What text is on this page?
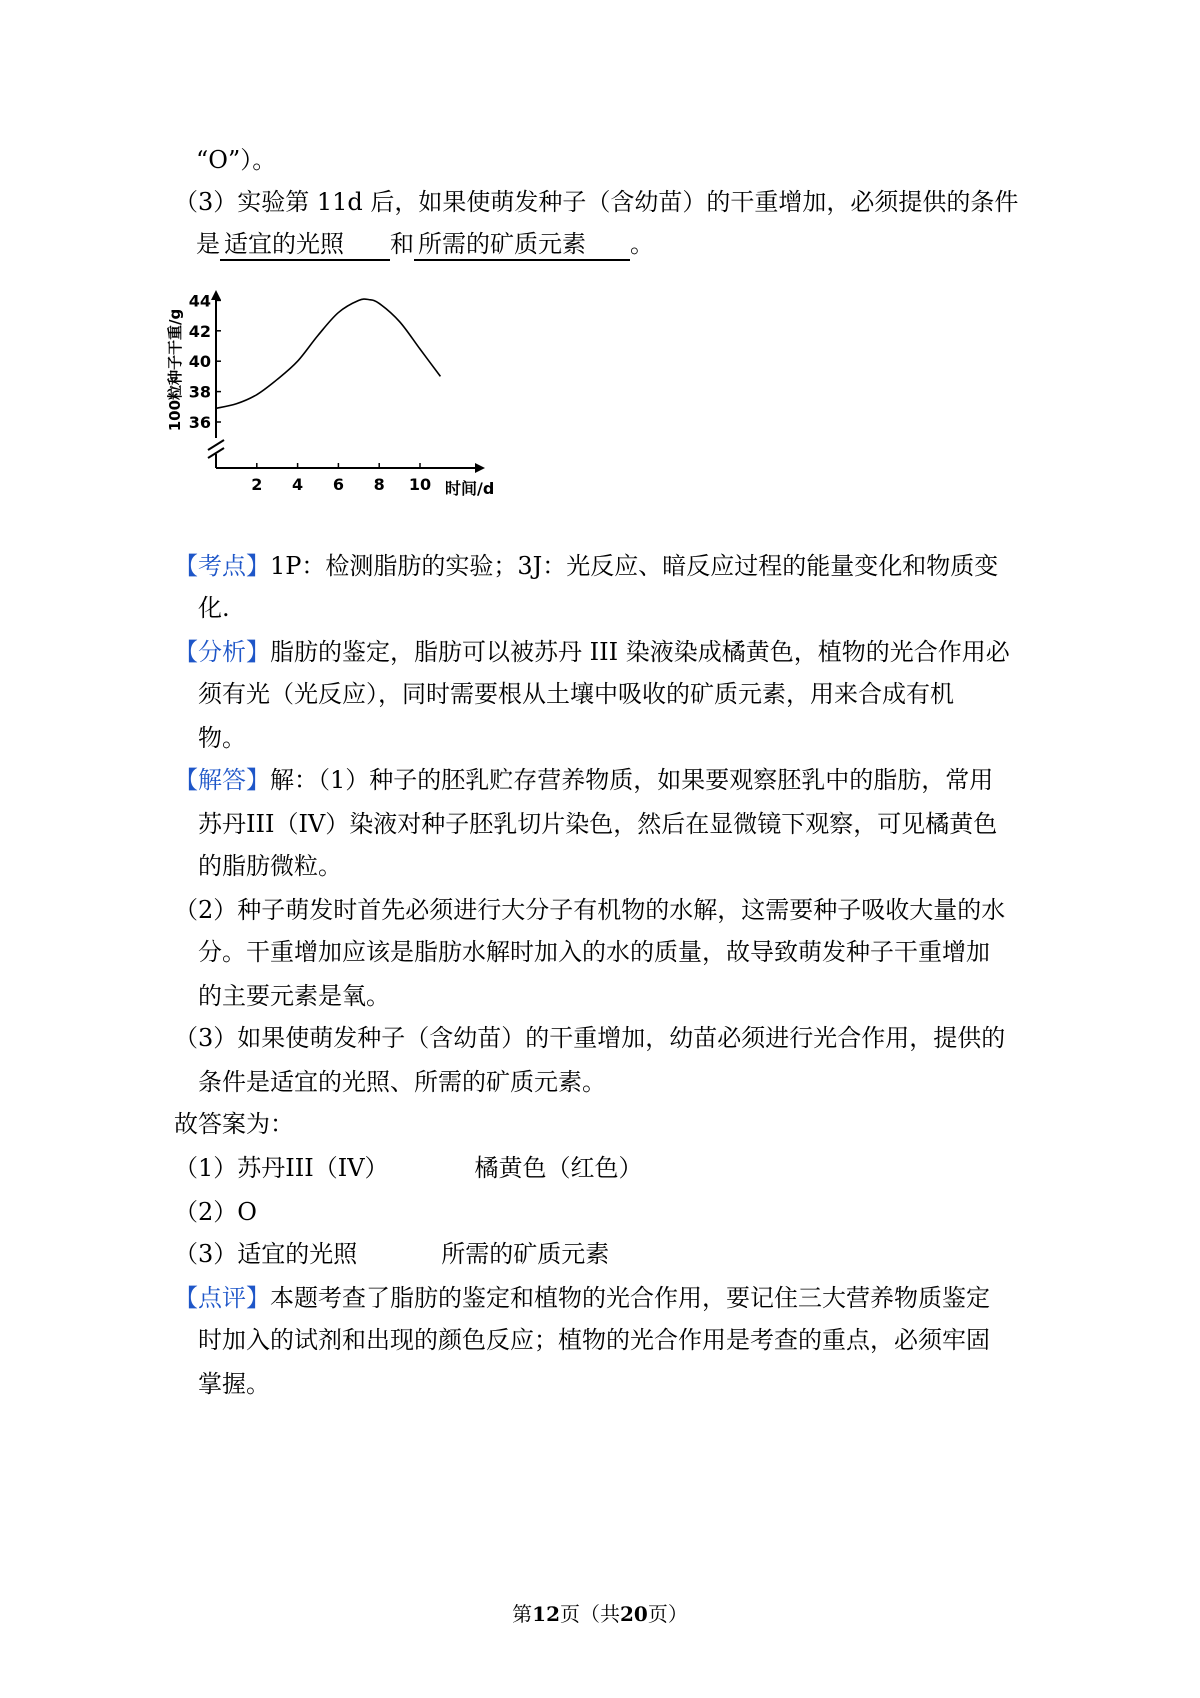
“O”）。
（3）实验第 11d 后，如果使萌发种子（含幼苗）的干重增加，必须提供的条件
是 适宜的光照 和 所需的矿质元素 。
2 4 6 8 10
36
38
40
42
44
100粒种子干重/g
时间/d
【考点】1P：检测脂肪的实验；3J：光反应、暗反应过程的能量变化和物质变
化.
【分析】脂肪的鉴定，脂肪可以被苏丹 III 染液染成橘黄色，植物的光合作用必
须有光（光反应），同时需要根从土壤中吸收的矿质元素，用来合成有机
物。
【解答】解：（1）种子的胚乳贮存营养物质，如果要观察胚乳中的脂肪，常用
苏丹III（IV）染液对种子胚乳切片染色，然后在显微镜下观察，可见橘黄色
的脂肪微粒。
（2）种子萌发时首先必须进行大分子有机物的水解，这需要种子吸收大量的水
分。干重增加应该是脂肪水解时加入的水的质量，故导致萌发种子干重增加
的主要元素是氧。
（3）如果使萌发种子（含幼苗）的干重增加，幼苗必须进行光合作用，提供的
条件是适宜的光照、所需的矿质元素。
故答案为：
（1）苏丹III（IV）	橘黄色（红色）
（2）O
（3）适宜的光照	所需的矿质元素
【点评】本题考查了脂肪的鉴定和植物的光合作用，要记住三大营养物质鉴定
时加入的试剂和出现的颜色反应；植物的光合作用是考查的重点，必须牢固
掌握。
第12页（共20页）
